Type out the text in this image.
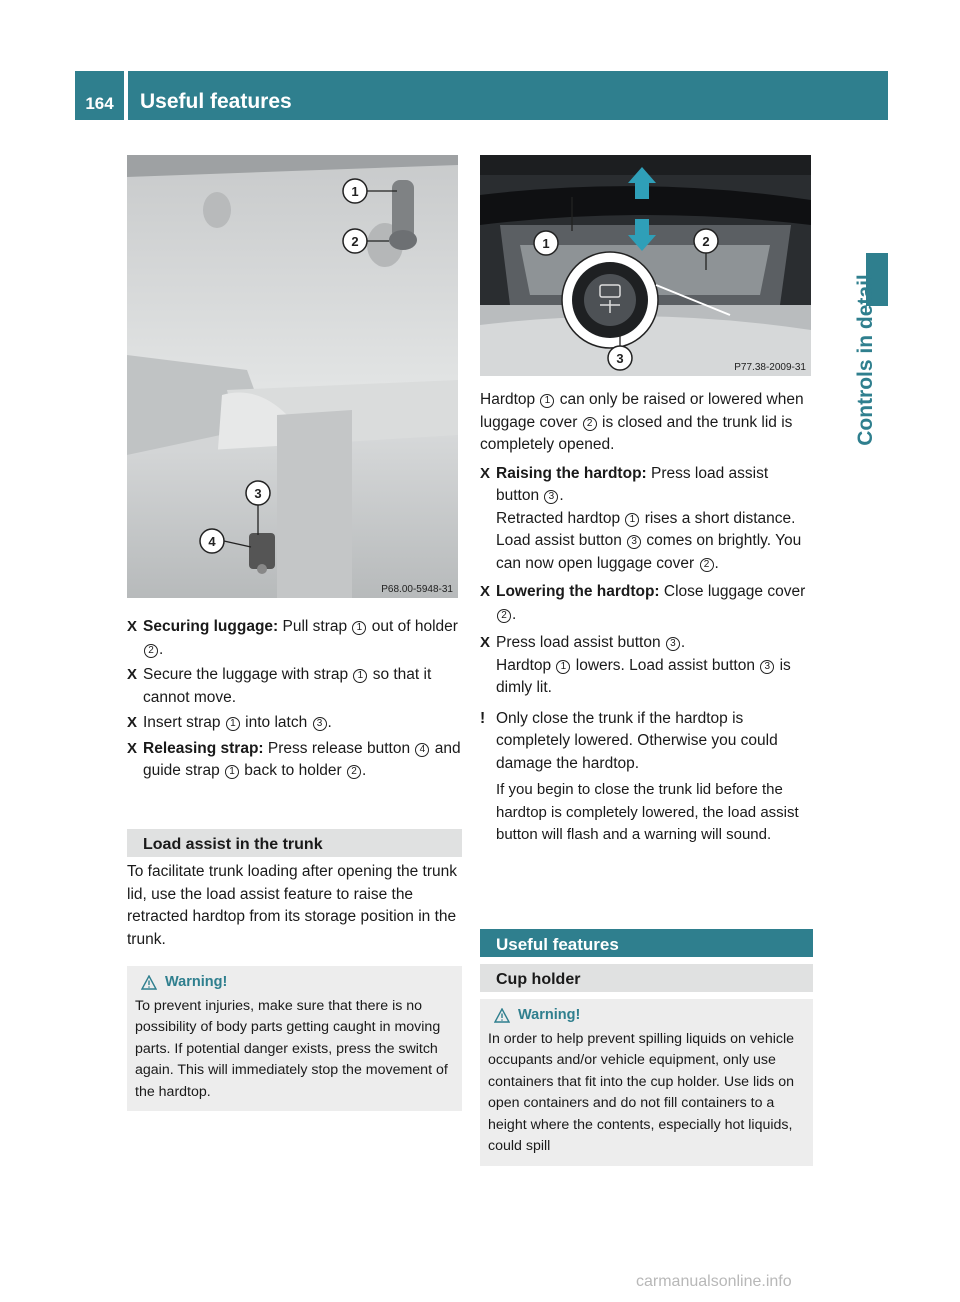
164	Useful features
Controls in detail
1
2
3
4
P68.00-5948-31
1	2
3
P77.38-2009-31
X Securing luggage: Pull strap 1 out of holder 2 .
X Secure the luggage with strap 1 so that it cannot move.
X Insert strap 1 into latch 3 .
X Releasing strap: Press release button 4 and guide strap 1 back to holder 2 .
Load assist in the trunk

To facilitate trunk loading after opening the trunk lid, use the load assist feature to raise the retracted hardtop from its storage position in the trunk.

Warning!

To prevent injuries, make sure that there is no possibility of body parts getting caught in moving parts. If potential danger exists, press the switch again. This will immediately stop the movement of the hardtop.

Hardtop 1 can only be raised or lowered when luggage cover 2 is closed and the trunk lid is completely opened.

X Raising the hardtop: Press load assist button 3 .
Retracted hardtop 1 rises a short distance. Load assist button 3 comes on brightly. You can now open luggage cover 2 .
X Lowering the hardtop: Close luggage cover 2 .
X Press load assist button 3 .
Hardtop 1 lowers. Load assist button 3 is dimly lit.
! Only close the trunk if the hardtop is completely lowered. Otherwise you could damage the hardtop.

If you begin to close the trunk lid before the hardtop is completely lowered, the load assist button will flash and a warning will sound.

Useful features
Cup holder
Warning!

In order to help prevent spilling liquids on vehicle occupants and/or vehicle equipment, only use containers that fit into the cup holder. Use lids on open containers and do not fill containers to a height where the contents, especially hot liquids, could spill

carmanualsonline.info
